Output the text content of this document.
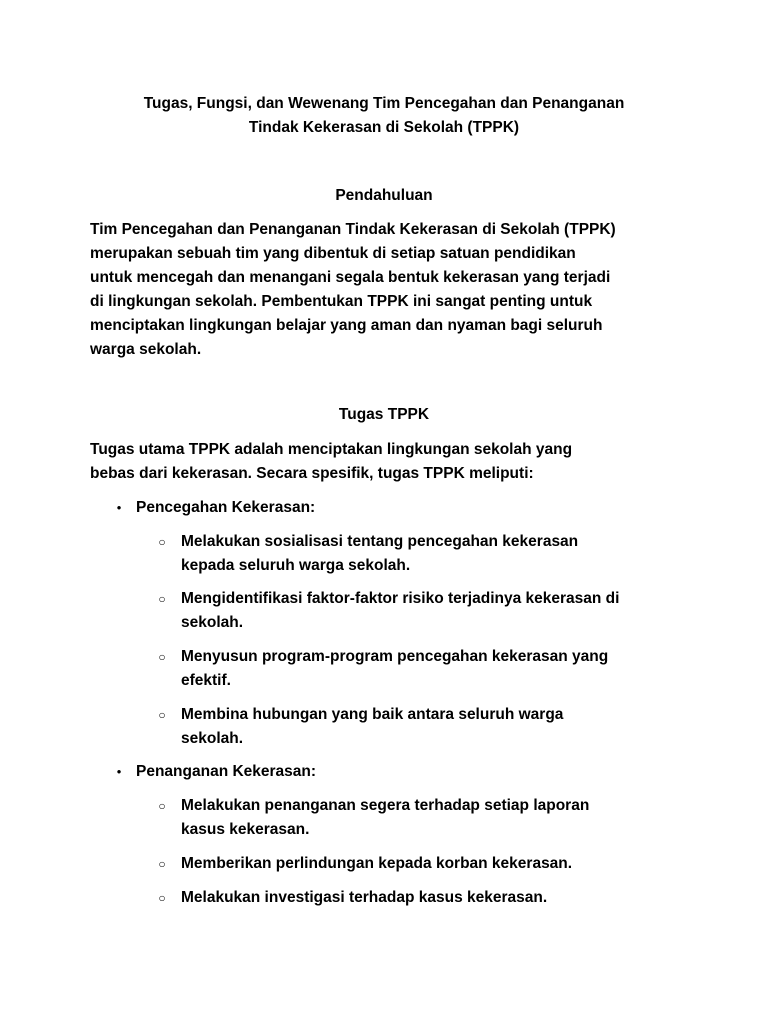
Tugas, Fungsi, dan Wewenang Tim Pencegahan dan Penanganan
Tindak Kekerasan di Sekolah (TPPK)
Pendahuluan

Tim Pencegahan dan Penanganan Tindak Kekerasan di Sekolah (TPPK)
merupakan sebuah tim yang dibentuk di setiap satuan pendidikan
untuk mencegah dan menangani segala bentuk kekerasan yang terjadi
di lingkungan sekolah. Pembentukan TPPK ini sangat penting untuk
menciptakan lingkungan belajar yang aman dan nyaman bagi seluruh
warga sekolah.

Tugas TPPK

Tugas utama TPPK adalah menciptakan lingkungan sekolah yang
bebas dari kekerasan. Secara spesifik, tugas TPPK meliputi:

• Pencegahan Kekerasan:
○ Melakukan sosialisasi tentang pencegahan kekerasan
kepada seluruh warga sekolah.
○ Mengidentifikasi faktor-faktor risiko terjadinya kekerasan di
sekolah.
○ Menyusun program-program pencegahan kekerasan yang
efektif.
○ Membina hubungan yang baik antara seluruh warga
sekolah.
• Penanganan Kekerasan:
○ Melakukan penanganan segera terhadap setiap laporan
kasus kekerasan.
○ Memberikan perlindungan kepada korban kekerasan.
○ Melakukan investigasi terhadap kasus kekerasan.
